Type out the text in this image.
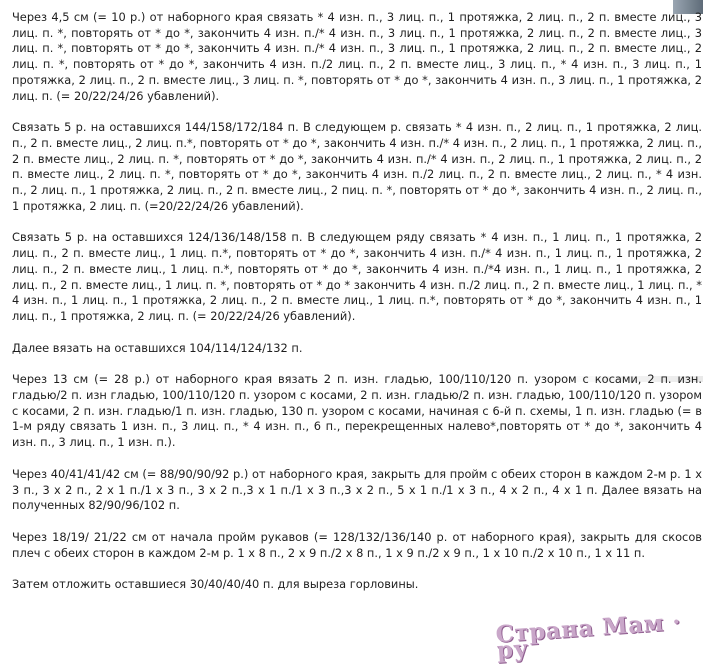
Через 4,5 см (= 10 р.) от наборного края связать * 4 изн. п., 3 лиц. п., 1 протяжка, 2 лиц. п., 2 п. вместе лиц., 3 лиц. п. *, повторять от * до *, закончить 4 изн. п./* 4 изн. п., 3 лиц. п., 1 протяжка, 2 лиц. п., 2 п. вместе лиц., 3 лиц. п. *, повторять от * до *, закончить 4 изн. п./* 4 изн. п., 3 лиц. п., 1 протяжка, 2 лиц. п., 2 п. вместе лиц., 2 лиц. п. *, повторять от * до *, закончить 4 изн. п./2 лиц. п., 2 п. вместе лиц., 3 лиц. п., * 4 изн. п., 3 лиц. п., 1 протяжка, 2 лиц. п., 2 п. вместе лиц., 3 лиц. п. *, повторять от * до *, закончить 4 изн. п., 3 лиц. п., 1 протяжка, 2 лиц. п. (= 20/22/24/26 убавлений).

Связать 5 р. на оставшихся 144/158/172/184 п. В следующем р. связать * 4 изн. п., 2 лиц. п., 1 протяжка, 2 лиц. п., 2 п. вместе лиц., 2 лиц. п.*, повторять от * до *, закончить 4 изн. п./* 4 изн. п., 2 лиц. п., 1 протяжка, 2 лиц. п., 2 п. вместе лиц., 2 лиц. п. *, повторять от * до *, закончить 4 изн. п./* 4 изн. п., 2 лиц. п., 1 протяжка, 2 лиц. п., 2 п. вместе лиц., 2 лиц. п. *, повторять от * до *, закончить 4 изн. п./2 лиц. п., 2 п. вместе лиц., 2 лиц. п., * 4 изн. п., 2 лиц. п., 1 протяжка, 2 лиц. п., 2 п. вместе лиц., 2 пиц. п. *, повторять от * до *, закончить 4 изн. п., 2 лиц. п., 1 протяжка, 2 лиц. п. (=20/22/24/26 убавлений).

Связать 5 р. на оставшихся 124/136/148/158 п. В следующем ряду связать * 4 изн. п., 1 лиц. п., 1 протяжка, 2 лиц. п., 2 п. вместе лиц., 1 лиц. п.*, повторять от * до *, закончить 4 изн. п./* 4 изн. п., 1 лиц. п., 1 протяжка, 2 лиц. п., 2 п. вместе лиц., 1 лиц. п.*, повторять от * до *, закончить 4 изн. п./*4 изн. п., 1 лиц. п., 1 протяжка, 2 лиц. п., 2 п. вместе лиц., 1 лиц. п. *, повторять от * до * закончить 4 изн. п./2 лиц. п., 2 п. вместе лиц., 1 лиц. п., * 4 изн. п., 1 лиц. п., 1 протяжка, 2 лиц. п., 2 п. вместе лиц., 1 лиц. п.*, повторять от * до *, закончить 4 изн. п., 1 лиц. п., 1 протяжка, 2 лиц. п. (= 20/22/24/26 убавлений).

Далее вязать на оставшихся 104/114/124/132 п.

Через 13 см (= 28 р.) от наборного края вязать 2 п. изн. гладью, 100/110/120 п. узором с косами, 2 п. изн. гладью/2 п. изн гладью, 100/110/120 п. узором с косами, 2 п. изн. гладью/2 п. изн. гладью, 100/110/120 п. узором с косами, 2 п. изн. гладью/1 п. изн. гладью, 130 п. узором с косами, начиная с 6-й п. схемы, 1 п. изн. гладью (= в 1-м ряду связать 1 изн. п., 3 лиц. п., * 4 изн. п., 6 п., перекрещенных налево*,повторять от * до *, закончить 4 изн. п., 3 лиц. п., 1 изн. п.).

Через 40/41/41/42 см (= 88/90/90/92 р.) от наборного края, закрыть для пройм с обеих сторон в каждом 2-м р. 1 х 3 п., 3 х 2 п., 2 х 1 п./1 х 3 п., 3 х 2 п.,3 х 1 п./1 х 3 п.,3 х 2 п., 5 х 1 п./1 х 3 п., 4 х 2 п., 4 х 1 п. Далее вязать на полученных 82/90/96/102 п.

Через 18/19/ 21/22 см от начала пройм рукавов (= 128/132/136/140 р. от наборного края), закрыть для скосов плеч с обеих сторон в каждом 2-м р. 1 х 8 п., 2 х 9 п./2 х 8 п., 1 х 9 п./2 х 9 п., 1 х 10 п./2 х 10 п., 1 х 11 п.

Затем отложить оставшиеся 30/40/40/40 п. для выреза горловины.

Страна Мам · ру
